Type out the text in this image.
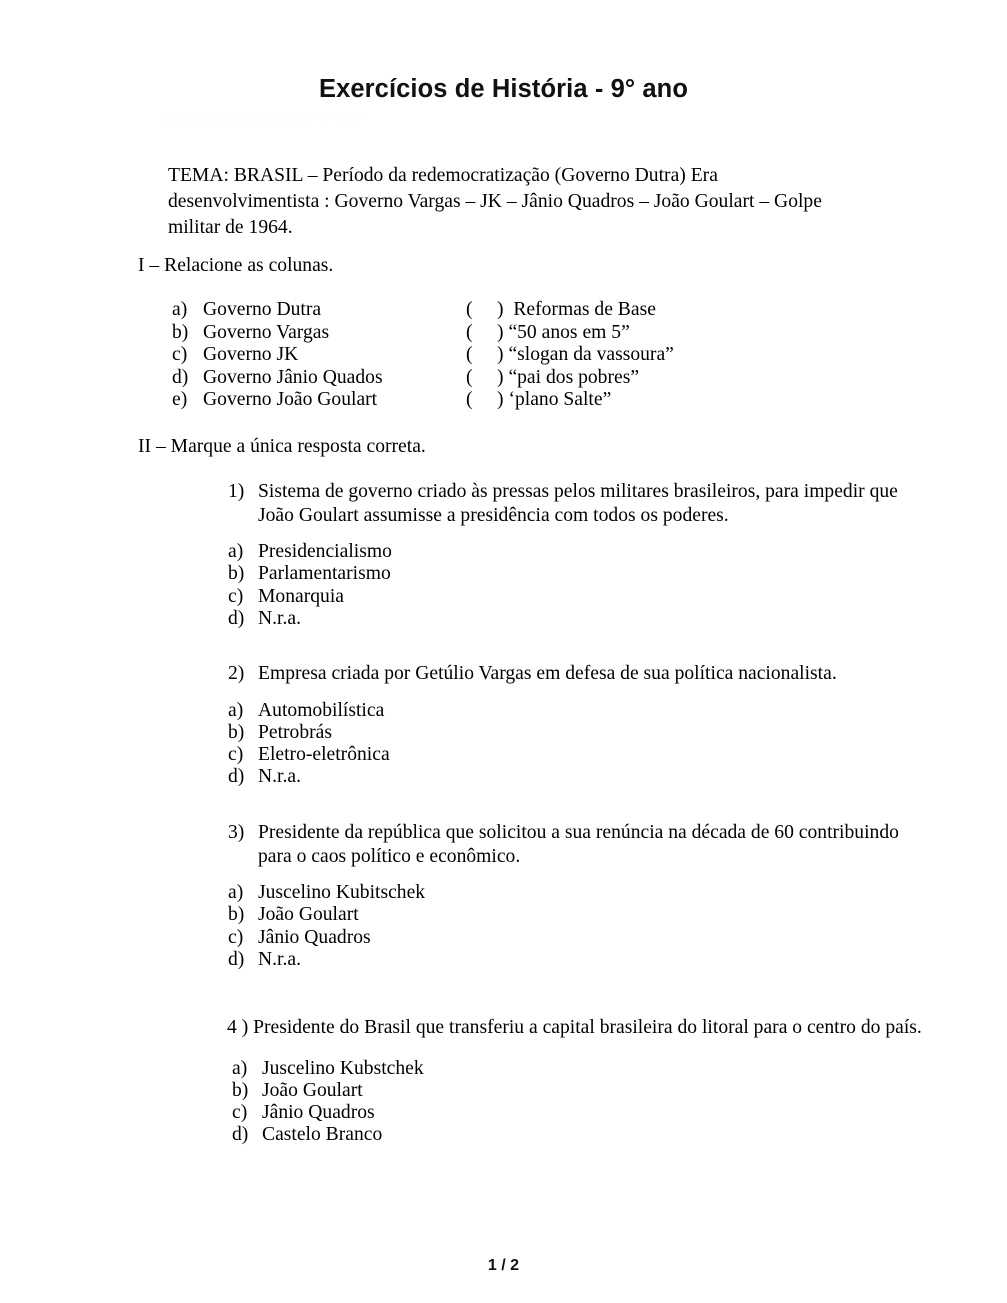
Exercícios de História - 9° ano
Exercícios de História - 9° ano

TEMA: BRASIL – Período da redemocratização (Governo Dutra) Era desenvolvimentista : Governo Vargas – JK – Jânio Quadros – João Goulart – Golpe militar de 1964.

I – Relacione as colunas.
a) Governo Dutra	(     )  Reformas de Base
b) Governo Vargas	(     ) “50 anos em 5”
c) Governo JK	(     ) “slogan da vassoura”
d) Governo Jânio Quados	(     ) “pai dos pobres”
e) Governo João Goulart	(     ) ‘plano Salte”
II – Marque a única resposta correta.
1) Sistema de governo criado às pressas pelos militares brasileiros, para impedir que João Goulart assumisse a presidência com todos os poderes.
a) Presidencialismo
b) Parlamentarismo
c) Monarquia
d) N.r.a.
2) Empresa criada por Getúlio Vargas em defesa de sua política nacionalista.
a) Automobilística
b) Petrobrás
c) Eletro-eletrônica
d) N.r.a.
3) Presidente da república que solicitou a sua renúncia na década de 60 contribuindo para o caos político e econômico.
a) Juscelino Kubitschek
b) João Goulart
c) Jânio Quadros
d) N.r.a.
4 ) Presidente do Brasil que transferiu a capital brasileira do litoral para o centro do país.
a) Juscelino Kubstchek
b) João Goulart
c) Jânio Quadros
d) Castelo Branco
1 / 2
